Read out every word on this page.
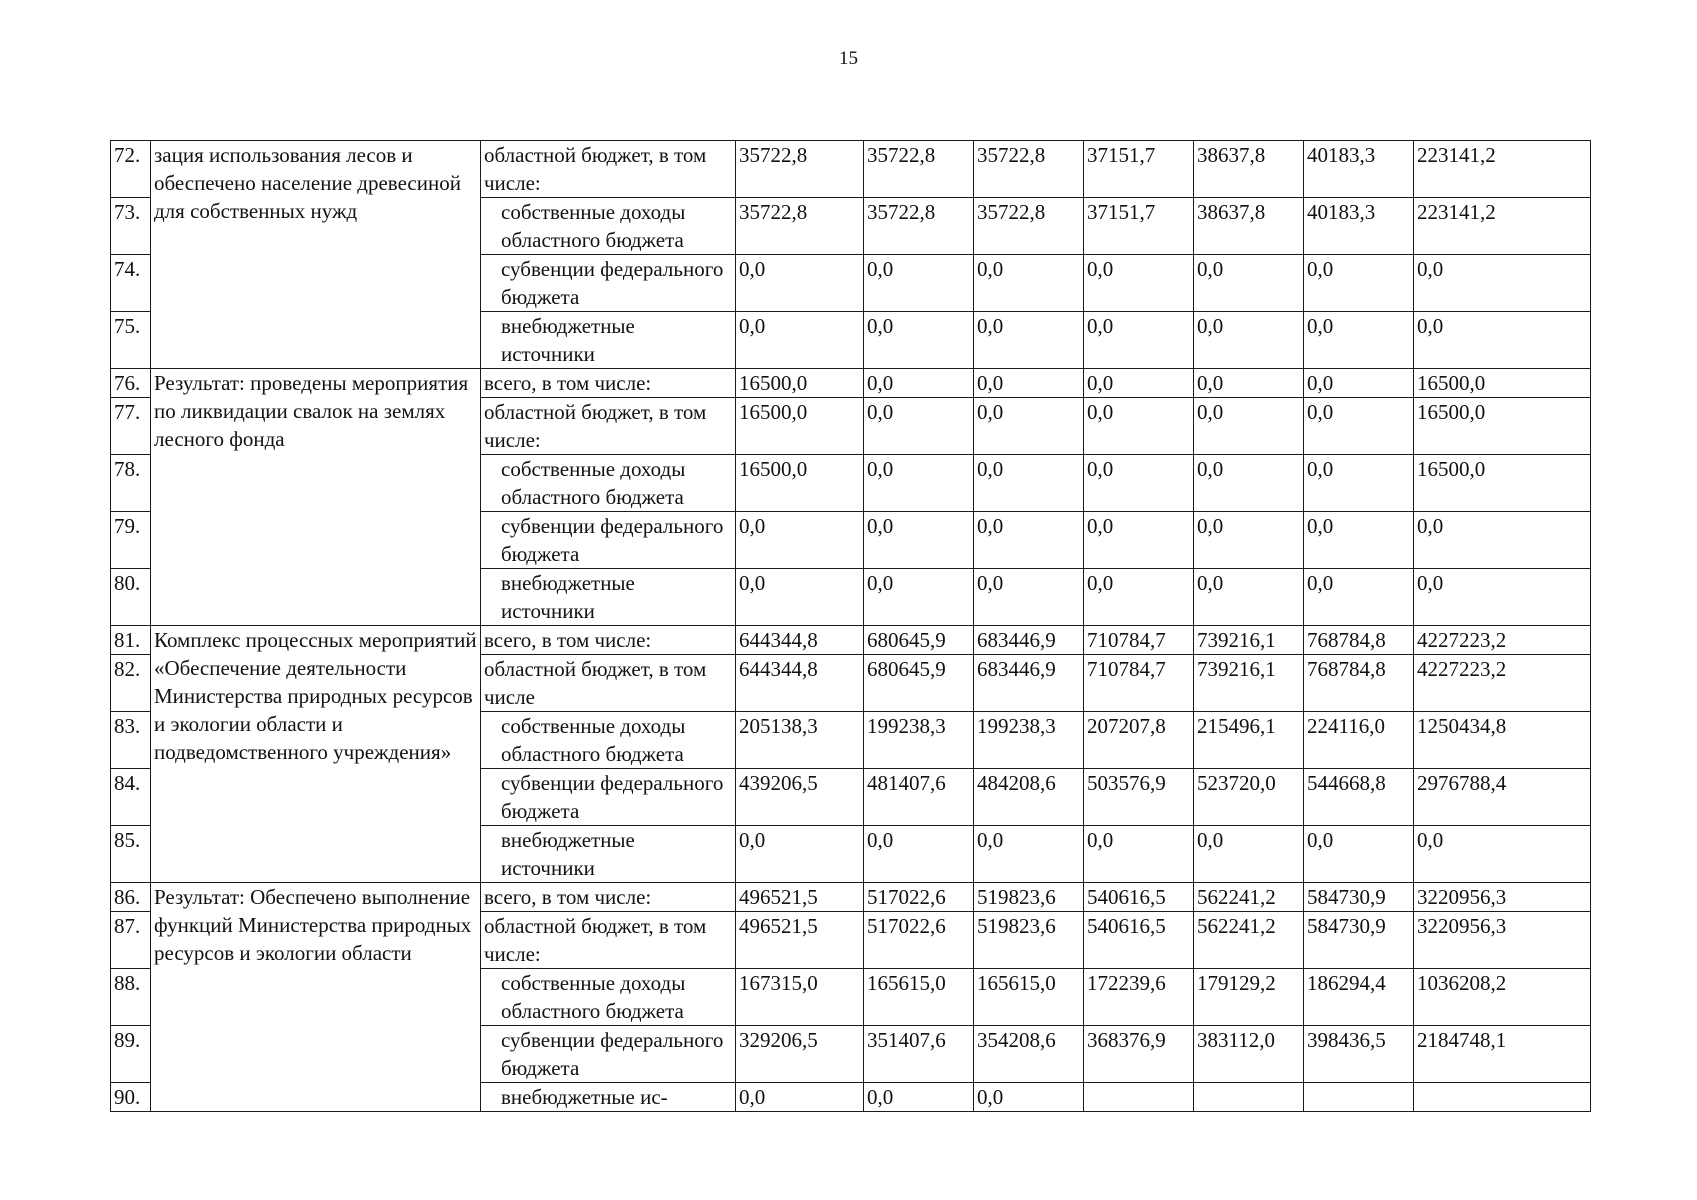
15
72.	зация использования лесов и обеспечено население древесиной для собственных нужд	областной бюджет, в том числе:	35722,8	35722,8	35722,8	37151,7	38637,8	40183,3	223141,2
73.		собственные доходы областного бюджета	35722,8	35722,8	35722,8	37151,7	38637,8	40183,3	223141,2
74.		субвенции федерального бюджета	0,0	0,0	0,0	0,0	0,0	0,0	0,0
75.		внебюджетные источники	0,0	0,0	0,0	0,0	0,0	0,0	0,0
76.	Результат: проведены мероприятия по ликвидации свалок на землях лесного фонда	всего, в том числе:	16500,0	0,0	0,0	0,0	0,0	0,0	16500,0
77.		областной бюджет, в том числе:	16500,0	0,0	0,0	0,0	0,0	0,0	16500,0
78.		собственные доходы областного бюджета	16500,0	0,0	0,0	0,0	0,0	0,0	16500,0
79.		субвенции федерального бюджета	0,0	0,0	0,0	0,0	0,0	0,0	0,0
80.		внебюджетные источники	0,0	0,0	0,0	0,0	0,0	0,0	0,0
81.	Комплекс процессных мероприятий «Обеспечение деятельности Министерства природных ресурсов и экологии области и подведомственного учреждения»	всего, в том числе:	644344,8	680645,9	683446,9	710784,7	739216,1	768784,8	4227223,2
82.		областной бюджет, в том числе	644344,8	680645,9	683446,9	710784,7	739216,1	768784,8	4227223,2
83.		собственные доходы областного бюджета	205138,3	199238,3	199238,3	207207,8	215496,1	224116,0	1250434,8
84.		субвенции федерального бюджета	439206,5	481407,6	484208,6	503576,9	523720,0	544668,8	2976788,4
85.		внебюджетные источники	0,0	0,0	0,0	0,0	0,0	0,0	0,0
86.	Результат: Обеспечено выполнение функций Министерства природных ресурсов и экологии области	всего, в том числе:	496521,5	517022,6	519823,6	540616,5	562241,2	584730,9	3220956,3
87.		областной бюджет, в том числе:	496521,5	517022,6	519823,6	540616,5	562241,2	584730,9	3220956,3
88.		собственные доходы областного бюджета	167315,0	165615,0	165615,0	172239,6	179129,2	186294,4	1036208,2
89.		субвенции федерального бюджета	329206,5	351407,6	354208,6	368376,9	383112,0	398436,5	2184748,1
90.		внебюджетные ис-	0,0	0,0	0,0				
